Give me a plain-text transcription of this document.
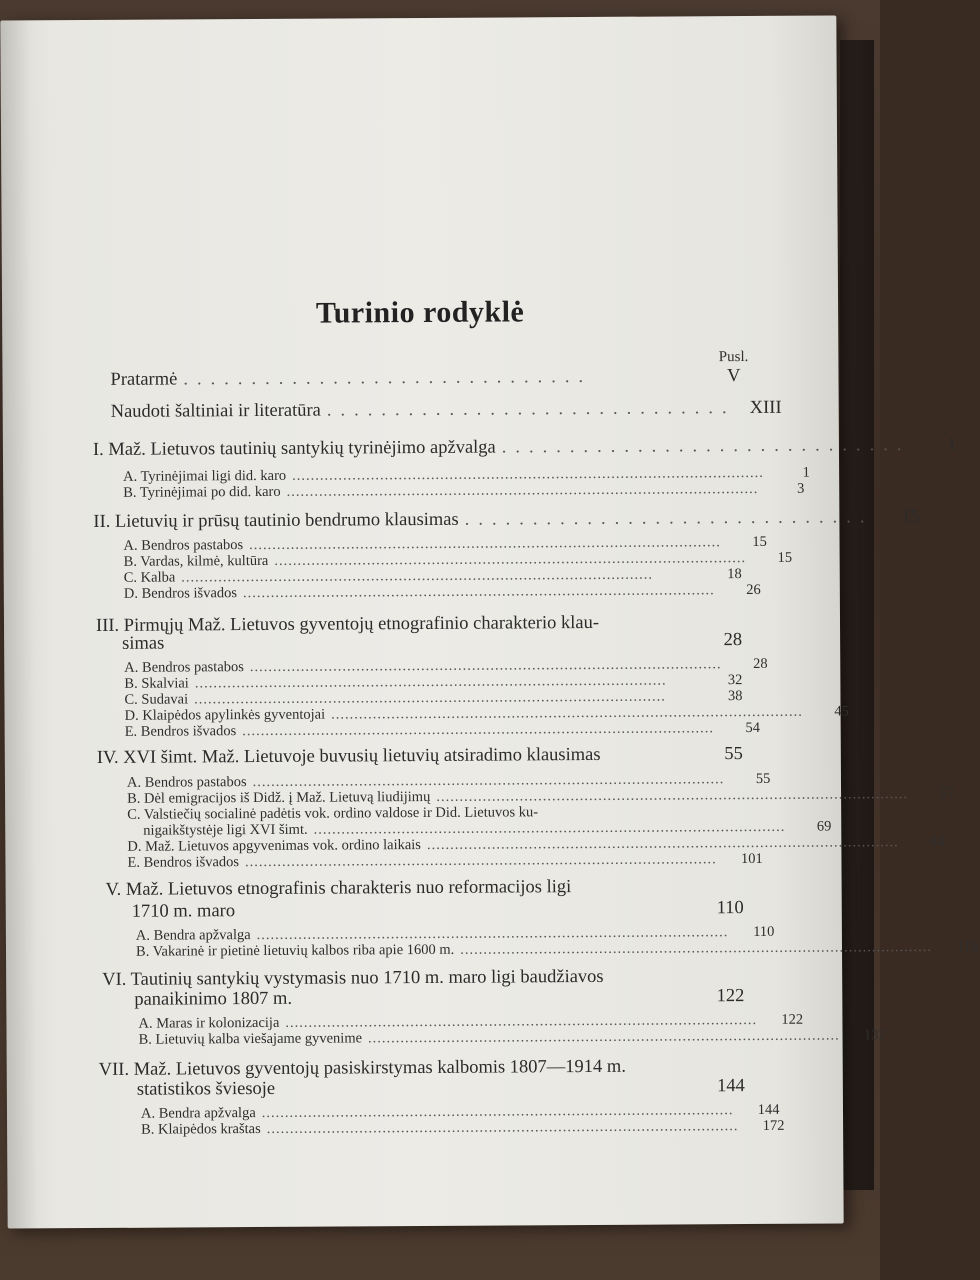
Turinio rodyklė
Pusl.
Pratarmė ..............................	V
Naudoti šaltiniai ir literatūra .............................. XIII
I. Maž. Lietuvos tautinių santykių tyrinėjimo apžvalga ..............................	1
A. Tyrinėjimai ligi did. karo ......................................................................................................	1
B. Tyrinėjimai po did. karo ......................................................................................................	3
II. Lietuvių ir prūsų tautinio bendrumo klausimas ..............................	15
A. Bendros pastabos ......................................................................................................	15
B. Vardas, kilmė, kultūra ......................................................................................................	15
C. Kalba ......................................................................................................	18
D. Bendros išvados ......................................................................................................	26
III. Pirmųjų Maž. Lietuvos gyventojų etnografinio charakterio klau-
simas	28
A. Bendros pastabos ......................................................................................................	28
B. Skalviai ......................................................................................................	32
C. Sudavai ......................................................................................................	38
D. Klaipėdos apylinkės gyventojai ......................................................................................................	45
E. Bendros išvados ......................................................................................................	54
IV. XVI šimt. Maž. Lietuvoje buvusių lietuvių atsiradimo klausimas	55
A. Bendros pastabos ......................................................................................................	55
B. Dėl emigracijos iš Didž. į Maž. Lietuvą liudijimų ......................................................................................................	57
C. Valstiečių socialinė padėtis vok. ordino valdose ir Did. Lietuvos ku-
nigaikštystėje ligi XVI šimt. ......................................................................................................	69
D. Maž. Lietuvos apgyvenimas vok. ordino laikais ......................................................................................................	84
E. Bendros išvados ......................................................................................................	101
V. Maž. Lietuvos etnografinis charakteris nuo reformacijos ligi
1710 m. maro	110
A. Bendra apžvalga ......................................................................................................	110
B. Vakarinė ir pietinė lietuvių kalbos riba apie 1600 m. ......................................................................................................	118
VI. Tautinių santykių vystymasis nuo 1710 m. maro ligi baudžiavos
panaikinimo 1807 m.	122
A. Maras ir kolonizacija ......................................................................................................	122
B. Lietuvių kalba viešajame gyvenime ......................................................................................................	132
VII. Maž. Lietuvos gyventojų pasiskirstymas kalbomis 1807—1914 m.
statistikos šviesoje	144
A. Bendra apžvalga ......................................................................................................	144
B. Klaipėdos kraštas ......................................................................................................	172
